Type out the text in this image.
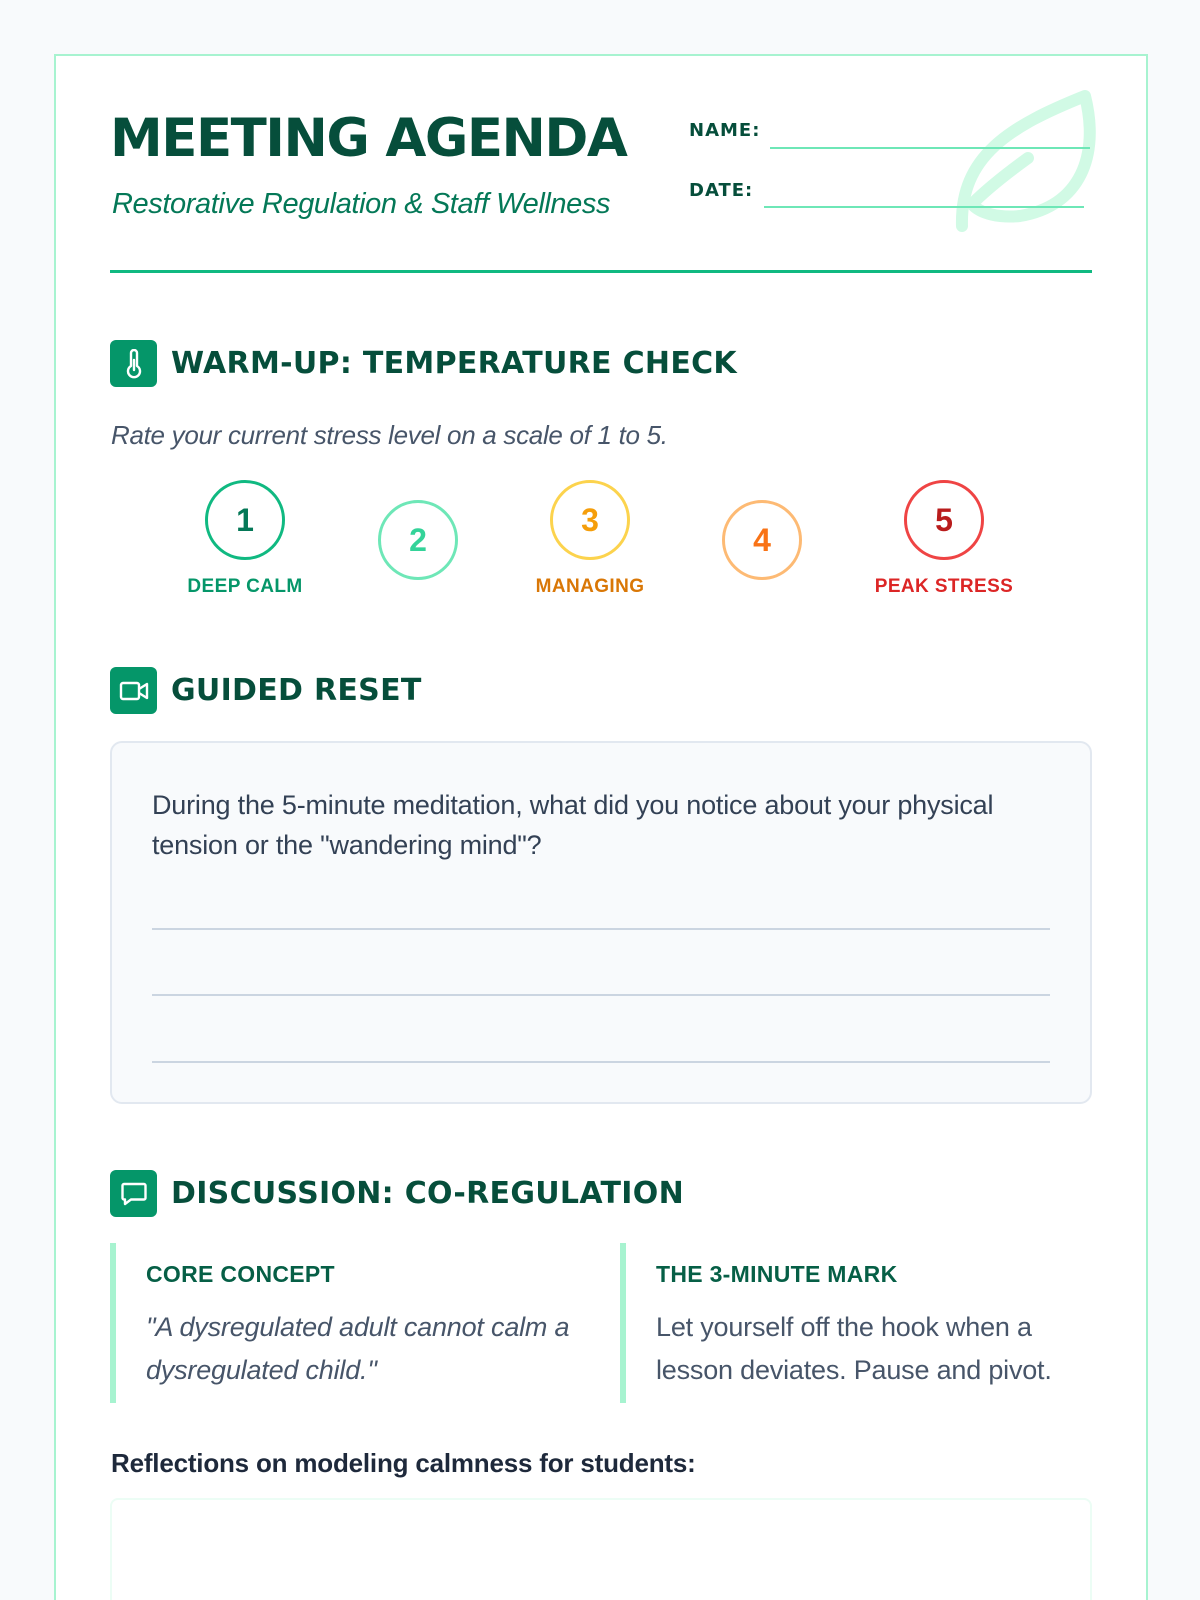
MEETING AGENDA
Restorative Regulation & Staff Wellness
NAME:
DATE:
WARM-UP: TEMPERATURE CHECK
Rate your current stress level on a scale of 1 to 5.
1
DEEP CALM
2
3
MANAGING
4
5
PEAK STRESS
GUIDED RESET
During the 5-minute meditation, what did you notice about your physical tension or the "wandering mind"?
DISCUSSION: CO-REGULATION
CORE CONCEPT
"A dysregulated adult cannot calm a dysregulated child."
THE 3-MINUTE MARK
Let yourself off the hook when a lesson deviates. Pause and pivot.
Reflections on modeling calmness for students:
